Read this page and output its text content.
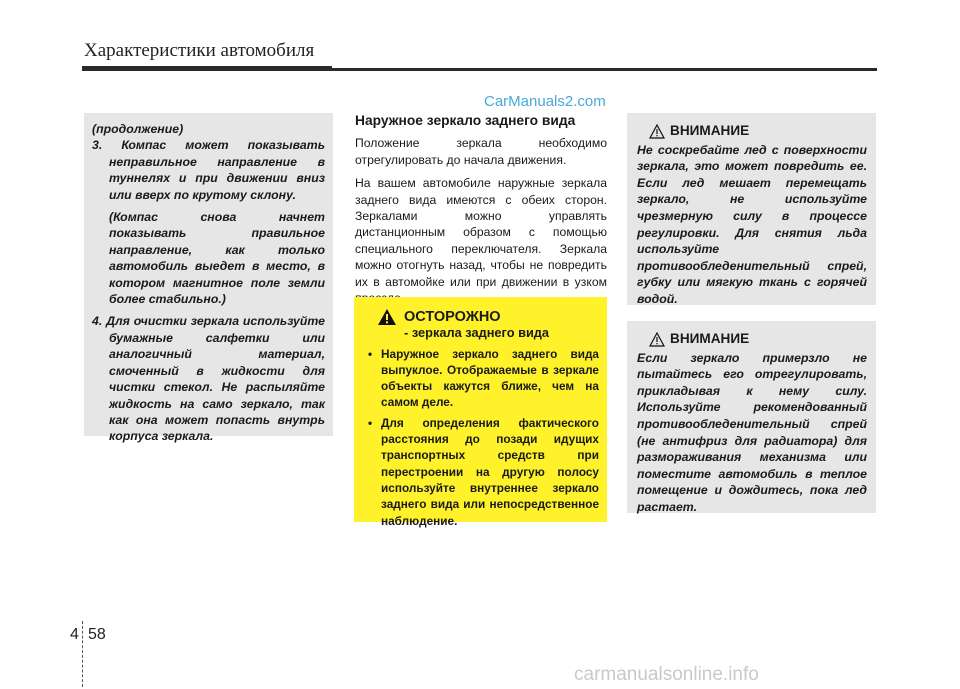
Характеристики автомобиля
CarManuals2.com

(продолжение)

3. Компас может показывать неправильное направление в туннелях и при движении вниз или вверх по крутому склону.

(Компас снова начнет показывать правильное направление, как только автомобиль выедет в место, в котором магнитное поле земли более стабильно.)

4. Для очистки зеркала используйте бумажные салфетки или аналогичный материал, смоченный в жидкости для чистки стекол. Не распыляйте жидкость на само зеркало, так как она может попасть внутрь корпуса зеркала.

Наружное зеркало заднего вида

Положение зеркала необходимо отрегулировать до начала движения.

На вашем автомобиле наружные зеркала заднего вида имеются с обеих сторон. Зеркалами можно управлять дистанционным образом с помощью специального переключателя. Зеркала можно отогнуть назад, чтобы не повредить их в автомойке или при движении в узком

ОСТОРОЖНО
- зеркала заднего вида
• Наружное зеркало заднего вида выпуклое. Отображаемые в зеркале объекты кажутся ближе, чем на самом деле.
• Для определения фактического расстояния до позади идущих транспортных средств при перестроении на другую полосу используйте внутреннее зеркало заднего вида или непосредственное наблюдение.
ВНИМАНИЕ

Не соскребайте лед с поверхности зеркала, это может повредить ее. Если лед мешает перемещать зеркало, не используйте чрезмерную силу в процессе регулировки. Для снятия льда используйте противообледенительный спрей, губку или мягкую ткань с горячей водой.

ВНИМАНИЕ

Если зеркало примерзло не пытайтесь его отрегулировать, прикладывая к нему силу. Используйте рекомендованный противообледенительный спрей (не антифриз для радиатора) для размораживания механизма или поместите автомобиль в теплое помещение и дождитесь, пока лед растает.

4 58
carmanualsonline.info
